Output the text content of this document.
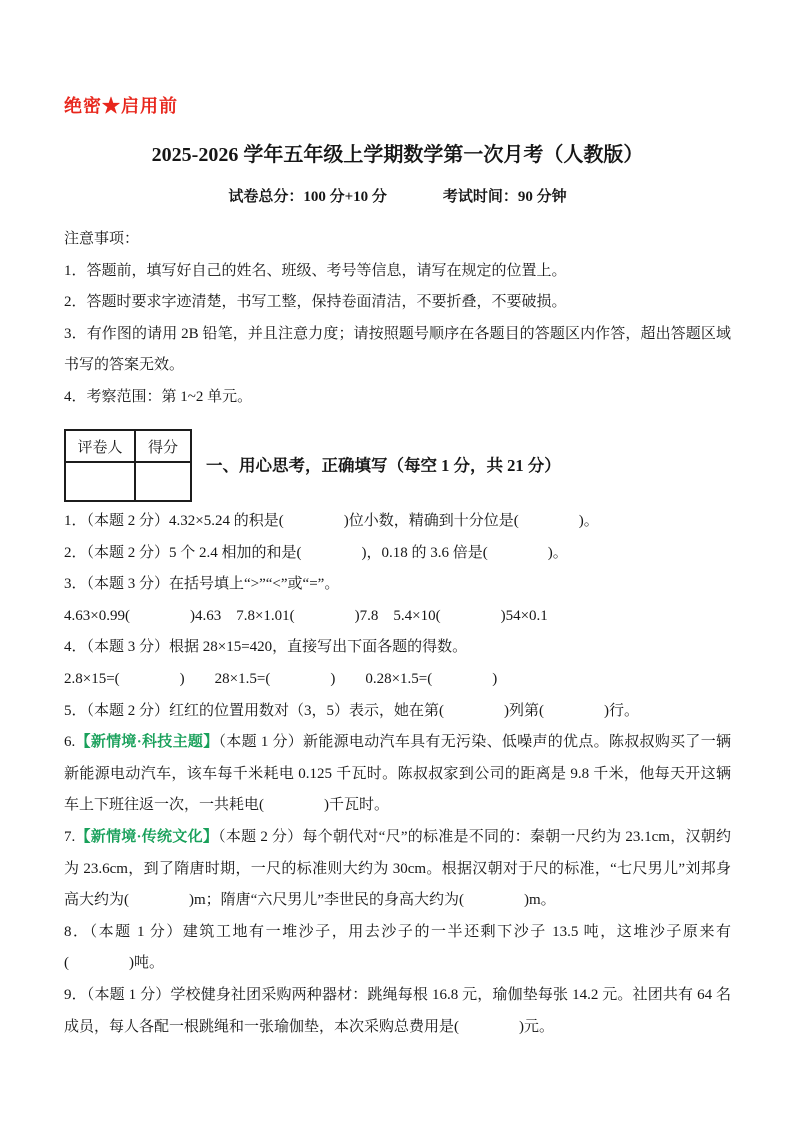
绝密★启用前
2025-2026 学年五年级上学期数学第一次月考（人教版）
试卷总分：100 分+10 分	考试时间：90 分钟

注意事项：

1．答题前，填写好自己的姓名、班级、考号等信息，请写在规定的位置上。

2．答题时要求字迹清楚，书写工整，保持卷面清洁，不要折叠，不要破损。

3．有作图的请用 2B 铅笔，并且注意力度；请按照题号顺序在各题目的答题区内作答，超出答题区域书写的答案无效。

4．考察范围：第 1~2 单元。

评卷人	得分

一、用心思考，正确填写（每空 1 分，共 21 分）

1．（本题 2 分）4.32×5.24 的积是(　　　　)位小数，精确到十分位是(　　　　)。

2．（本题 2 分）5 个 2.4 相加的和是(　　　　)，0.18 的 3.6 倍是(　　　　)。

3．（本题 3 分）在括号填上“>”“<”或“=”。

4.63×0.99(　　　　)4.63　7.8×1.01(　　　　)7.8　5.4×10(　　　　)54×0.1

4．（本题 3 分）根据 28×15=420，直接写出下面各题的得数。

2.8×15=(　　　　)　　28×1.5=(　　　　)　　0.28×1.5=(　　　　)

5．（本题 2 分）红红的位置用数对（3，5）表示，她在第(　　　　)列第(　　　　)行。

6.【新情境·科技主题】（本题 1 分）新能源电动汽车具有无污染、低噪声的优点。陈叔叔购买了一辆新能源电动汽车，该车每千米耗电 0.125 千瓦时。陈叔叔家到公司的距离是 9.8 千米，他每天开这辆车上下班往返一次，一共耗电(　　　　)千瓦时。

7.【新情境·传统文化】（本题 2 分）每个朝代对“尺”的标准是不同的：秦朝一尺约为 23.1cm，汉朝约为 23.6cm，到了隋唐时期，一尺的标准则大约为 30cm。根据汉朝对于尺的标准，“七尺男儿”刘邦身高大约为(　　　　)m；隋唐“六尺男儿”李世民的身高大约为(　　　　)m。

8．（本题 1 分）建筑工地有一堆沙子，用去沙子的一半还剩下沙子 13.5 吨，这堆沙子原来有(　　　　)吨。

9．（本题 1 分）学校健身社团采购两种器材：跳绳每根 16.8 元，瑜伽垫每张 14.2 元。社团共有 64 名成员，每人各配一根跳绳和一张瑜伽垫，本次采购总费用是(　　　　)元。
